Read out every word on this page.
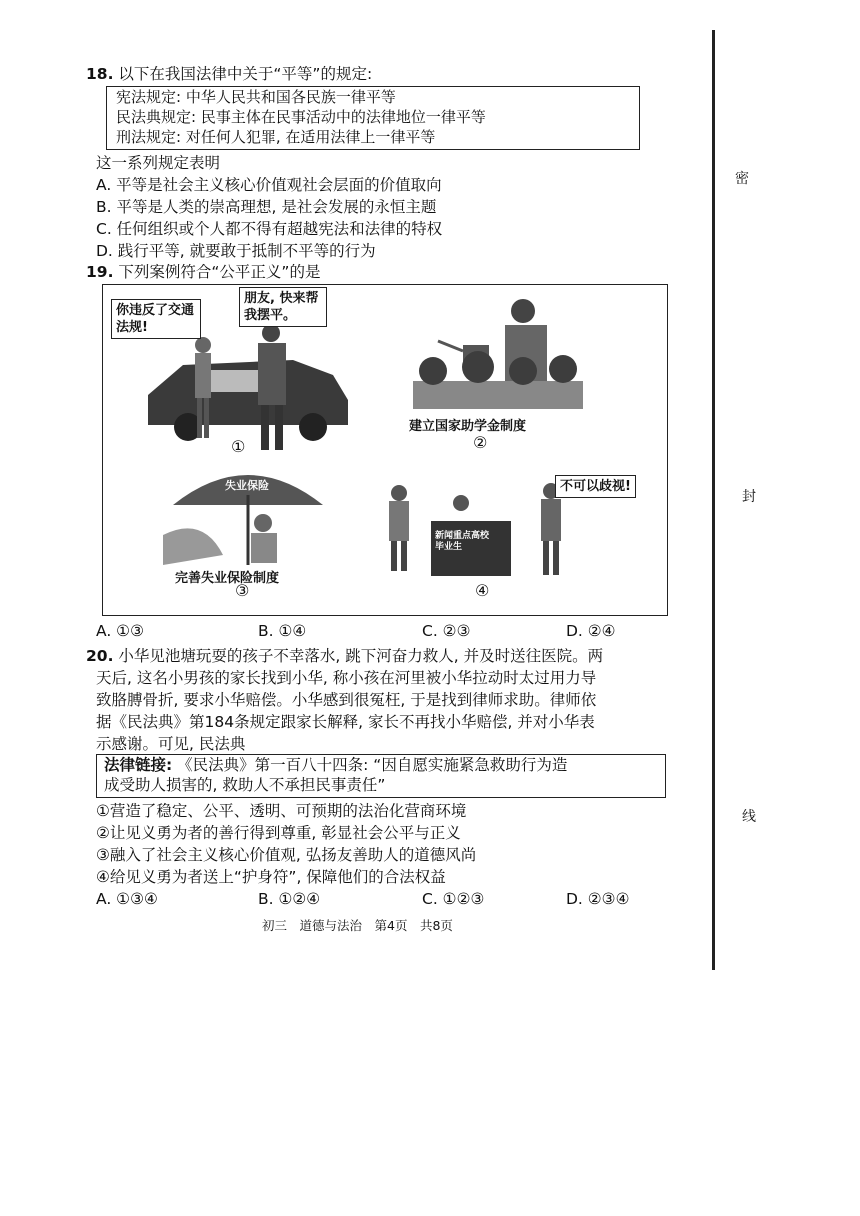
18. 以下在我国法律中关于“平等”的规定:
宪法规定: 中华人民共和国各民族一律平等
民法典规定: 民事主体在民事活动中的法律地位一律平等
刑法规定: 对任何人犯罪, 在适用法律上一律平等
这一系列规定表明
A. 平等是社会主义核心价值观社会层面的价值取向
B. 平等是人类的崇高理想, 是社会发展的永恒主题
C. 任何组织或个人都不得有超越宪法和法律的特权
D. 践行平等, 就要敢于抵制不平等的行为
19. 下列案例符合“公平正义”的是
你违反了交通法规!
朋友, 快来帮我摆平。
①
建立国家助学金制度
②
失业保险
完善失业保险制度
③
不可以歧视!
新闻重点高校毕业生
④
A. ①③	B. ①④	C. ②③	D. ②④
20. 小华见池塘玩耍的孩子不幸落水, 跳下河奋力救人, 并及时送往医院。两
天后, 这名小男孩的家长找到小华, 称小孩在河里被小华拉动时太过用力导
致胳膊骨折, 要求小华赔偿。小华感到很冤枉, 于是找到律师求助。律师依
据《民法典》第184条规定跟家长解释, 家长不再找小华赔偿, 并对小华表
示感谢。可见, 民法典
法律链接: 《民法典》第一百八十四条: “因自愿实施紧急救助行为造
成受助人损害的, 救助人不承担民事责任”
①营造了稳定、公平、透明、可预期的法治化营商环境
②让见义勇为者的善行得到尊重, 彰显社会公平与正义
③融入了社会主义核心价值观, 弘扬友善助人的道德风尚
④给见义勇为者送上“护身符”, 保障他们的合法权益
A. ①③④	B. ①②④	C. ①②③	D. ②③④
初三　道德与法治　第4页　共8页
密
封
线
